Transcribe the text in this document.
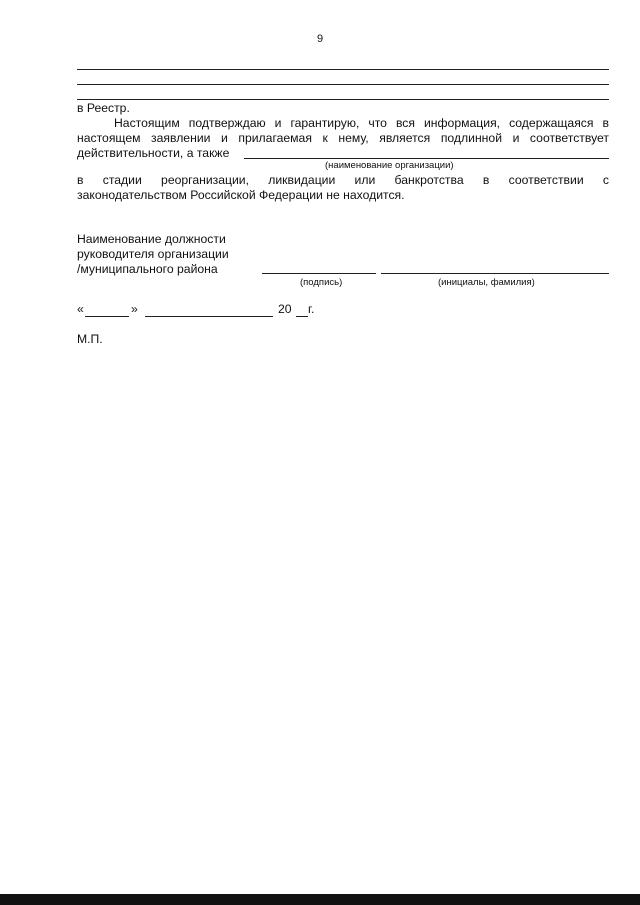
9
в Реестр.
Настоящим подтверждаю и гарантирую, что вся информация, содержащаяся в
настоящем заявлении и прилагаемая к нему, является подлинной и соответствует
действительности, а также
(наименование организации)
в стадии реорганизации, ликвидации или банкротства в соответствии с
законодательством Российской Федерации не находится.
Наименование должности
руководителя организации
/муниципального района
(подпись)	(инициалы, фамилия)
«	»	20 г.
М.П.
